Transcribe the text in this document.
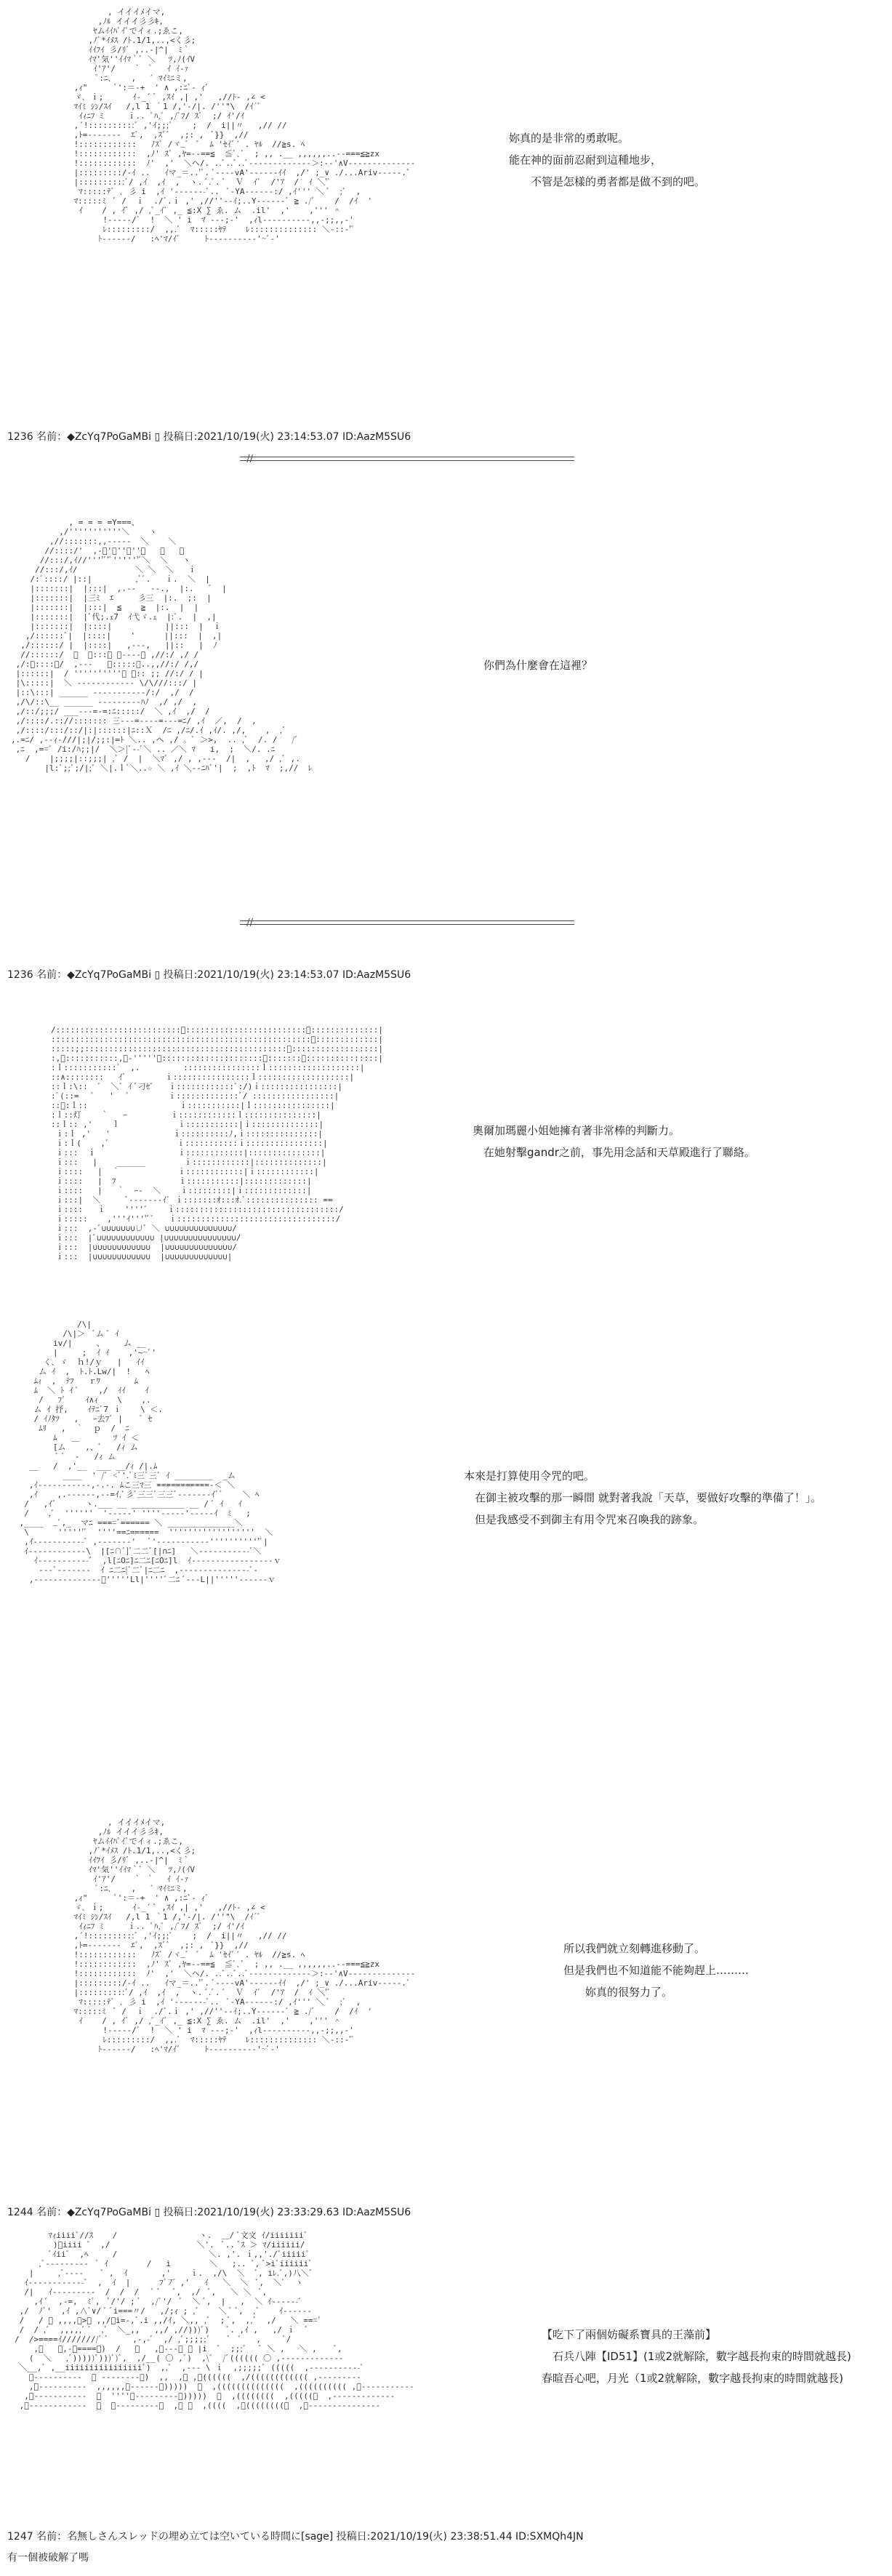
, イイイﾒイマ,
,ﾉﾙ イイイ彡彡ｷ,
ﾔムｲｲﾊﾟｲﾟでイィ.;ゑこ,
,ﾉﾞ*ｲﾒｽ /ﾄ.1/1,..,<く彡;
ｲｲﾌｲ 彡/ﾘﾞ ,..-|^|  ﾐ｀
ｲﾏ'気''ｲｲﾏ｀ﾞ ＼ 　ﾂ,ﾉ(ｲV
ｲ'ｱ'/ 　 ｀ ｀ 　ｲ ｲ-ｧ
ﾟ:ﾆ､    , 　´ ﾏｲﾐﾆミ,
,ｨ"      ﾟ':＝-+  ' ∧ ,:ﾆﾞ- ｨﾞ
ゞ､ ｉ;      ｲ-_´ ﾞ ,ｽｲ ,| ,'   ,//ﾄ- ,∠ <
ﾏｲﾐ ｼﾝ/ｽｲ   /,l 1 ｀1 /,'-/|. /''"\  /ｲ´ﾞ
ｲｨﾆﾌ ﾐ     ｉ.. ﾟﾊ,ﾟ ,/ﾞﾌ/ ｽﾞ  ;/ ｲ'/ｲ
,´!::::::::::ﾞ ,'ｲ;;;ﾟ    ;  /  i||〃   ,// //
,ﾄ=-------  ｴﾞ,  ,ｽﾞﾞ  ,;: ,  ﾞ}}  ,//
!::::::::::::   ﾉｽﾞ /ヾ_ﾞ  ﾟ  ﾑ 'ｾｲﾞ´ . ﾔﾙ  //≧s. ﾍ
!::::::::::::  ,ﾉ' ｽﾞ ,ﾔ=--==≦  ≦ﾞ､ﾞ  ; ,, .__ ,,,,,,..--===≦≧zx
!::::::::::::  ﾉ'  ,'  ＼ヘ/. ..ﾞ..ﾞ..ﾞ-------------＞:--'∧V--------------
|:::::::::/-ｲ ..   ｲマ_＝..'ﾞ. ﾞ----vA'------ｲｲ  ,/' ;_∨ ./...Ariv-----.ﾞ
|::::::::::ﾞ/ ,ｲ  ,ｲ  ,  ヽ. ﾞ.ﾞ. ﾞ  Ｖ  ｲﾞ  /'ｱ  /  ｲ ＼'ﾞ
ﾏ:::::ﾃﾞ ､ 彡 i  ,ｲ '-------ﾞ..  ﾞ-YA------:/ ,ｲ''' ＼ ﾞ  ;ﾞ  ,
ﾏ:::::ﾐ  ﾞ /  ｉ  ./ﾞ.ｉ ,' ,//''--ｲ;..Y------ﾞ ≧ ./ﾞ    /  /ｲ  '
ｲ    / , ｲﾞ ,/ ,ﾟ_ｲﾞ ,_ ≦:X ∑ ゑ. ム  .il'  ,'    ,''' ＾
!-----/ﾞ  !  ＼ ' i  ﾏ ---;-'  ,ｨl----------,,-;;,,-'
ﾚ:::::::::/  ,,.ﾞ  ﾏ:::::ﾔﾃ    ﾚ:::::::::::::: ＼-::-'ﾞ
ﾄ------/   :ﾍ'ﾏ/ｲﾞ     ﾄ----------'~ﾞ-'
妳真的是非常的勇敢呢。
能在神的面前忍耐到這種地步，
　　不管是怎樣的勇者都是做不到的吧。
, = = = =Y===、
,/'''''''''''＼    ヽ
,//:::::::,,-----  ＼    ＼
//::::/'  ,-ﾞ'ﾞ''ﾞ''＼   ＼   ＼
//:::/,ｲ//''''ﾞ'ﾞ''''''ﾞ＼  ＼   ヽ
//:::/,ｲ/            ＼ ＼  ＼   ｉ
/:ﾞ::::/ |::|         ,ﾞﾞ.   ｉ.  ＼  |
|:::::::|  |:::|  ,.--   --.,  |:.   ﾞ  |
|:::::::|  |三ﾐ  ｴ     彡三  |:.  ;:  |
|:::::::|  |:::|  ≦    ≧  |:.  |  |
|:::::::|  |ﾞ代;.ｪ7  ｲ弋ゞ.ｪ  |:ﾞ.  |  ,|
|:::::::|  |::::|           ||:::  |  ｉ
,/::::::ﾞ|  |::::|    '      ||:::  |  ,|
,/::::::/ |  |::::|   ,---,   ||::   |  ﾉ
//::::::/  ﾞ  ＼:::＼ ﾞ----ﾞ ,//:/ ,/ /
,/:ﾞ::::ﾞ/  ,---   ＼:::::＼..,,//:/ /,/
|::::::|  / ''''''''''ﾞ ＼:: ;; //:/ / |
|\:::::|  ＼ ------------ \/\///:::/ |
|::\:::| ______ -----------/:/  ,/  /
,/\/::\__ ______ ---------ﾊﾉ  ,/ ,/  ,
,/::/;;;/ ___---=-=:ﾆ:::::/  ＼ ,ｲ  ,/  /
,/::::/.:://::::::: 三---=----=---=ﾆ/ ,ｲ  ／,  /  ,
,/::::/:::/::/|:|::::::|ﾆ::Ｘ  /ﾆ ,/ﾆ/.ｲ ,ｲ/. ,/,    ,  ,ﾞ
,.=ﾆ/ ,--ｨ-///|;|/;;:|=ﾄ ＼.. ,ヘ ,/ 。ﾞ ＞>,  .. ,ﾞ  /. /   /ﾞ
,ﾆ  ,==ﾞ /i:/ﾊ;;|/  ＼＞|ﾞ--ﾞ＼ .. ／＼ ﾏ   i,  ;  ＼/. .ﾆ
/    |;;;;|::;;;| ,ﾞ /  |  ＼ﾏﾞ ,/ , ,---  /|  ,   ,/ ,ﾞ ,.
|l:ﾞ;;ﾞ;/|;ﾞ ＼|.ｌﾞ＼..☆ ＼ ,ｲ ＼--ﾆﾊﾞ'|  ;  ,ﾄ  ﾏ  ;,//  ﾚ
你們為什麼會在這裡？
/::::::::::::::::::::::::::ﾟ:::::::::::::::::::::::::ﾞ::::::::::::::|
::::::::::::::::::::::::::::::::::::::::::::::::::::::ﾞ:::::::::::::|
:::::;;::::::::::::::::::::::::::::::::::::::::::ﾞ::::::::::::::::::|
:,ﾞ:::::::::::,ﾞ-'''''ﾞ:::::::::::::::::::::ﾞ:::::::ﾞ:::::::::::::::|
:ｌ:::::::::::ﾞ  ,.         ::::::::::::::::ｌ:::::::::::::::::::|
::∧::::::::   ｲﾞ        ｉ::::::::::::::::ｌ:::::::::::::::::::|
::ｌ:\::  ﾞ  ＼ﾞ ｲ ﾞ刁ｾﾞ   ｉ::::::::::::ﾞ:/)ｉ::::::::::::::::|
:ﾞ(::=   ﾞ   '   ﾞ        ｉ:::::::::::::ﾞ/ :::::::::::::::::|
::ﾞ:ｌ::                   ｉ:::::::::::|ｌ::::::::::::::::|
:ｌ::灯    ｀   ｰ         ｉ::::::::::::ｌ:::::::::::::::|
::ｌ:: ,'    ｌ            ｉ:::::::::::|ｉ::::::::::::::|
ｉ:ｌ ,'   '             ｉ::::::::::ﾉ,ｉ:::::::::::::::|
ｉ:ｌ(    ,ﾞ              ｉ:::::::::::ｉ::::::::::::::::|
ｉ:::  ｉ                 ｉ::::::::::::|:::::::::::::::|
ｉ:::   |    ______        ｉ::::::::::::|::::::::::::::|
ｉ::::   |  ｀            ｉ::::::::::::|ｉ::::::::::::|
ｉ::::   |  ﾌ             ｉ:::::::::::|:::::::::::::|
ｉ::::   |   ｀  ｰ-  ＼    ｉ:::::::::|ｉ:::::::::::::|
ｉ:::|  ＼     ﾞ-------ｲﾞ ｉ:::::::ｵ:::ｵ.ﾞ::::::::::::::: ==
ｉ::::   ｉ    ''''ﾞ    ｉ::::::::::::::::::::::::::::::::::/
ｉ:::::    ,'''ｲ''''ﾞﾞ   ｉ:::::::::::::::::::::::::::::::::/
ｉ:::  ,-ﾞ∪∪∪∪∪∪∪∪ﾞ ＼ ∪∪∪∪∪∪∪∪∪∪∪∪∪∪/
ｉ:::  |ﾞ∪∪∪∪∪∪∪∪∪∪∪∪ |∪∪∪∪∪∪∪∪∪∪∪∪∪∪∪/
ｉ:::  |∪∪∪∪∪∪∪∪∪∪∪∪  |∪∪∪∪∪∪∪∪∪∪∪∪∪∪/
ｉ:::  |∪∪∪∪∪∪∪∪∪∪∪∪  |∪∪∪∪∪∪∪∪∪∪∪∪∪|
奧爾加瑪麗小姐她擁有著非常棒的判斷力。
　在她射擊gandr之前，事先用念話和天草殿進行了聯絡。
/\|
/\|＞  ﾞム ﾞ ｲ
iv/|     、    ム __
|     ;  ｲ ｲ    ,'~~ﾞ'
く、ゞ  ｈ!/ｙ   |   ｲｲ
ム ｲ  ,  ﾄ.ﾄ.Lw/|  !   ﾍ
ﾑｨ  ,  ﾃﾌ   ｒﾜ       ﾑ
ﾑ  ＼ ﾄ ｲ ﾞ    ,/  ｲｲ    ｲ
/   ﾌﾞ    ｲ∧ｨ    \    ,.
ム ｲ 抒,    ｲﾃﾆﾞ7 ｉ    \ ＜.
/ ｲﾉﾀﾂ   ,   ｰ去ﾌﾞ |    ﾞ ｾ
ﾑﾘ   ,  ｀  ｐ  /  ﾆ
ﾑ   ＿       ﾂ ｲ ＜
[ム    ,、ﾞ   /ｨ ム
ﾞ ﾞ  -   /ｨ ム
__   /  ,'__  ___ __/ｨ /|.ﾑ
____  ' /ﾞ <ﾞ'.ﾞﾐ三ﾞ三ﾞ ｲ ________  _ム
,ｲ-----------,-.-. ﾑこ三ﾏ三 ===========-＜ ＼
,ｲ    ,.------,--=ｲ,ﾞ彡ﾞ三三ﾞ三三ﾞ-------ｲﾞﾞ    ＼ ﾍ
/   ,ｲﾞ      ヽ.___ __ ___________ __ / ﾞ ｲ   ｲ
/    ,ﾞ  ''''''  '-----' ''''-----'-----ｲ  ﾐ   ;
,____  _ﾞ,_  マﾆ ====ﾞ====== ＼ ______________＼
\      ''''''ﾞ  ''''==ﾆ======  ''''''''''''''''''  ＼
,ｲ-----------ﾞ ,-------'   ﾞ'-----------'''''''''''ﾞ|
ｲ------------\  |[ﾆ∩ﾞ]ﾞ二二ﾞ[|∩ﾆ]   ＼-----------ﾞ＼
ｲ-----------ﾞ  ,l[ﾆOﾆ]ﾆ二ﾆ[ﾆOﾆ]l  ｲ-----------------ｖ
---ﾞ-------  ｲ ﾆ二ﾆ|ﾞ二ﾞ|ﾆ二ﾆ  ,---------------ﾞ-
,--------------ﾞ'''''Ll|''''ﾞ二ﾆ ﾞ---L||'''''------ｖ
本來是打算使用令咒的吧。
　在御主被攻擊的那一瞬間 就對著我說「天草，要做好攻擊的準備了！」。
　但是我感受不到御主有用令咒來召喚我的跡象。
, イイイﾒイマ,
,ﾉﾙ イイイ彡彡ｷ,
ﾔムｲｲﾊﾟｲﾟでイィ.;ゑこ,
,ﾉﾞ*ｲﾒｽ /ﾄ.1/1,..,<く彡;
ｲｲﾌｲ 彡/ﾘﾞ ,..-|^|  ﾐ｀
ｲﾏ'気''ｲｲﾏ｀ﾞ ＼ 　ﾂ,ﾉ(ｲV
ｲ'ｱ'/ 　 ｀ ｀ 　ｲ ｲ-ｧ
ﾟ:ﾆ､    , 　´ ﾏｲﾐﾆミ,
,ｨ"      ﾟ':＝-+  ' ∧ ,:ﾆﾞ- ｨﾞ
ゞ､ ｉ;      ｲ-_´ ﾞ ,ｽｲ ,| ,'   ,//ﾄ- ,∠ <
ﾏｲﾐ ｼﾝ/ｽｲ   /,l 1 ｀1 /,'-/|. /''"\  /ｲ´ﾞ
ｲｨﾆﾌ ﾐ     ｉ.. ﾟﾊ,ﾟ ,/ﾞﾌ/ ｽﾞ  ;/ ｲ'/ｲ
,´!::::::::::ﾞ ,'ｲ;;;ﾟ    ;  /  i||〃   ,// //
,ﾄ=-------  ｴﾞ,  ,ｽﾞﾞ  ,;: ,  ﾞ}}  ,//
!::::::::::::   ﾉｽﾞ /ヾ_ﾞ  ﾟ  ﾑ 'ｾｲﾞ´ . ﾔﾙ  //≧s. ﾍ
!::::::::::::  ,ﾉ' ｽﾞ ,ﾔ=--==≦  ≦ﾞ､ﾞ  ; ,, .__ ,,,,,,..--===≦≧zx
!::::::::::::  ﾉ'  ,'  ＼ヘ/. ..ﾞ..ﾞ..ﾞ-------------＞:--'∧V--------------
|:::::::::/-ｲ ..   ｲマ_＝..'ﾞ. ﾞ----vA'------ｲｲ  ,/' ;_∨ ./...Ariv-----.ﾞ
|::::::::::ﾞ/ ,ｲ  ,ｲ  ,  ヽ. ﾞ.ﾞ. ﾞ  Ｖ  ｲﾞ  /'ｱ  /  ｲ ＼'ﾞ
ﾏ:::::ﾃﾞ ､ 彡 i  ,ｲ '-------ﾞ..  ﾞ-YA------:/ ,ｲ''' ＼ ﾞ  ;ﾞ  ,
ﾏ:::::ﾐ  ﾞ /  ｉ  ./ﾞ.ｉ ,' ,//''--ｲ;..Y------ﾞ ≧ ./ﾞ    /  /ｲ  '
ｲ    / , ｲﾞ ,/ ,ﾟ_ｲﾞ ,_ ≦:X ∑ ゑ. ム  .il'  ,'    ,''' ＾
!-----/ﾞ  !  ＼ ' i  ﾏ ---;-'  ,ｨl----------,,-;;,,-'
ﾚ:::::::::/  ,,.ﾞ  ﾏ:::::ﾔﾃ    ﾚ:::::::::::::: ＼-::-'ﾞ
ﾄ------/   :ﾍ'ﾏ/ｲﾞ     ﾄ----------'~ﾞ-'
所以我們就立刻轉進移動了。
但是我們也不知道能不能夠趕上………
　　妳真的很努力了。
ﾏｨiiiiﾞ//ｽ    /                 ヽ.  ＿/ ﾞ文文 ｲ/iiiiiiiﾞ
)ﾞiiii ﾞ  ,/                  ＼'.  ﾞ.. ﾞｽ ＞ ﾏ/iiiiii/
ﾞｲiiﾞ  ,ﾍ     /                   ＼. ,'. ｉ,,'./ﾞiiiiiﾞ
,ﾞ---------  ﾞ ｲ        /   i        ＼   ;.. ﾞ, ﾞ>iﾞiiiiiiﾞ
|     ,ﾞ----    ﾞ ,  ｲ       ,'    ｉ.  ,/\  ＼  ﾞ, iﾚ.ﾞ,)八＼ﾞ
ｲ------------ﾞ  ,  ｲ  |      ﾌﾞ丆 ,'   ｲ   ＼  ＼  ﾞ,  ＼ﾞ  ヽ
/|   ｲ---------  /  /  /   ﾞ ﾞ   ﾞ,  ,/  ﾞ,   ＼ ＼  ﾞ,
,ｲ ﾞ  ,-=,  ﾐﾞ,  ﾞ/'/ ; ﾞ  ,/ﾞ'/  ﾞ  ＼ ﾞ,  |   ,  ＼ ｲ------ﾞ
,/  ﾉﾞ'  ,ｲ ,∧ﾞ∨/ ﾞ ﾞi===〃/   ,/;ｨ ; ,ﾞ    ＼ ﾞ ﾞ,  ,ﾞ    ｲ------
/   / ﾞ ,,,,ﾞ>ﾞ ,,/ﾞi=-,ﾞ.i ,,/ｲ, ＼,, ,ﾞ  ; ﾞ,  ,,ﾞ  ,/   ＼ ===ﾞ
/  / ,ﾞ  ,,,,,ﾞ ﾞ  ,ﾞ  ＼_,,   ,,/ ,//)))ﾞ)    ﾞ. ,ｲ ,   ,/ ｉ  ﾞ
/  />====ｲ////////ﾞ ﾞ     ,-,-ﾞ  ,/ ,ﾞ;;;;;ﾞ    ﾞ  ﾞ   ,     ﾞ/
,ﾞ   ﾞ,-ﾞ====ﾞ)  /   ＼   ,ﾞ---ﾞ ＼ |i  ﾞ  ;;;ﾞ   ﾞ ＼ ,   ＼ ,    ﾞ,
(  ＼   ,ﾞ)))))ﾞ)))ﾞ)ﾞ,  ,/__( 〇 ,ﾞ)  ,\ﾞ  /ﾞ(((((( 〇 ,-------------
＼__,ﾞ ,__iiiiiiiiiiiiiiiiﾞ)  ,,ﾞ  ,--- \ ｉ  ,;;;;;ﾞ (((((  ,-----------ﾞ
ﾞ----------  ﾞ --------ﾞ)  ,,  ,ﾞ ,ﾞ((((((  ,/(((((((((((( ,---------
,ﾞ----------  ,,,,,,ﾞ------ﾞ)))))  ﾞ  ,((((((((((((((  ,(((((((((( ,ﾞ-----------
,ﾞ-----------  ﾞ  ''''ﾞ---------ﾞ)))))  ﾞ  ,((((((((  ,(((((ﾞ  ,-------------
,ﾞ------------  ﾞ  ﾞ---------ﾞ  ,ﾞ ﾞ  ,((((  ,ﾞ((((((((ﾞ  ,ﾞ---------------
【吃下了兩個妨礙系寶具的王藻前】
　石兵八陣【ID51】(1或2就解除，數字越長拘束的時間就越長)
春暄吾心吧，月光（1或2就解除，數字越長拘束的時間就越長)
1236 名前：◆ZcYq7PoGaMBi ▯ 投稿日:2021/10/19(火) 23:14:53.07 ID:AazM5SU6
1236 名前：◆ZcYq7PoGaMBi ▯ 投稿日:2021/10/19(火) 23:14:53.07 ID:AazM5SU6
1244 名前：◆ZcYq7PoGaMBi ▯ 投稿日:2021/10/19(火) 23:33:29.63 ID:AazM5SU6
1247 名前：名無しさんスレッドの埋め立ては空いている時間に[sage] 投稿日:2021/10/19(火) 23:38:51.44 ID:SXMQh4JN
//
//
有一個被破解了嗎
